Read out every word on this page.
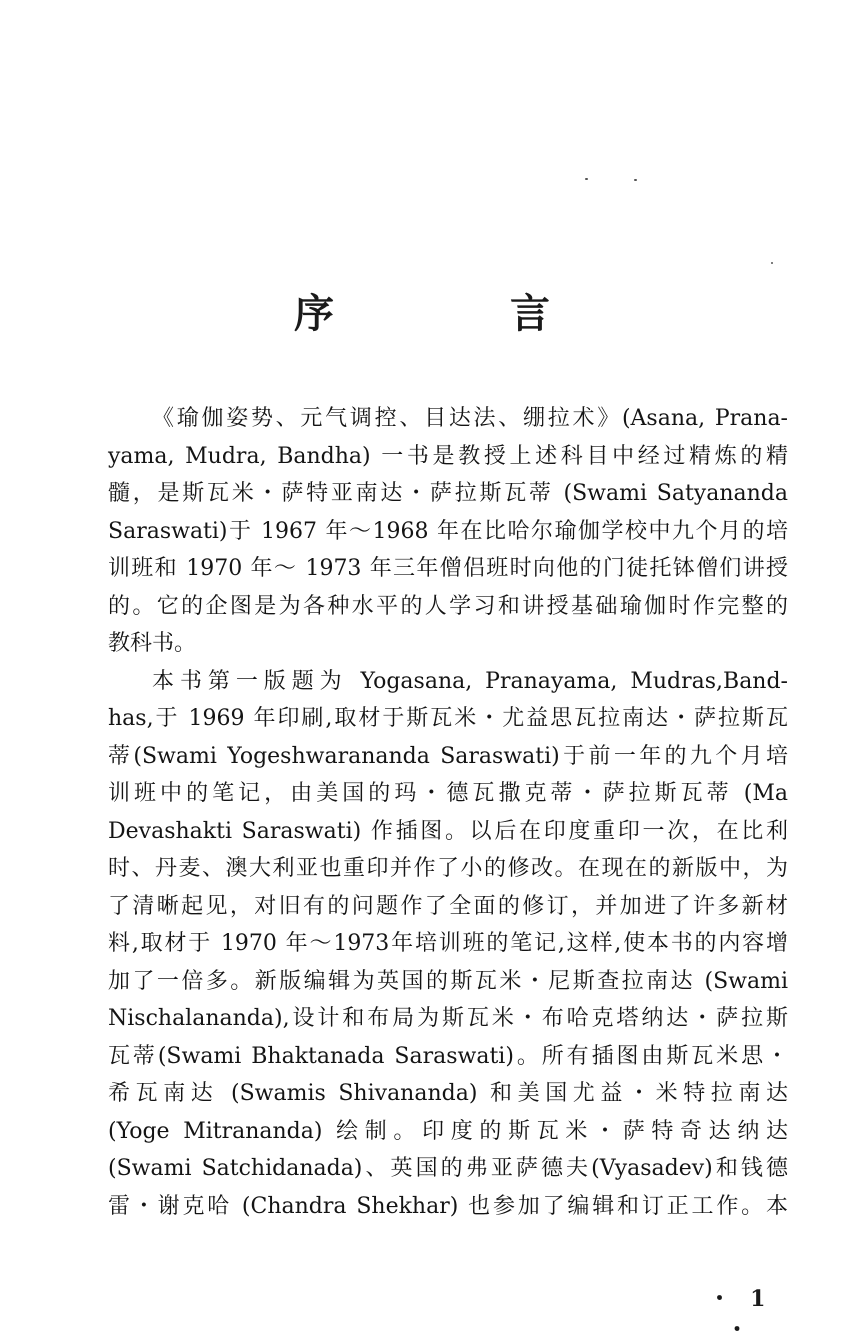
序　言
《瑜伽姿势、元气调控、目达法、绷拉术》(Asana, Prana-
yama, Mudra, Bandha) 一书是教授上述科目中经过精炼的精
髓，是斯瓦米・萨特亚南达・萨拉斯瓦蒂 (Swami Satyananda
Saraswati)于 1967 年～1968 年在比哈尔瑜伽学校中九个月的培
训班和 1970 年～ 1973 年三年僧侣班时向他的门徒托钵僧们讲授
的。它的企图是为各种水平的人学习和讲授基础瑜伽时作完整的
教科书。
本书第一版题为 Yogasana, Pranayama, Mudras,Band-
has,于 1969 年印刷,取材于斯瓦米・尤益思瓦拉南达・萨拉斯瓦
蒂(Swami Yogeshwarananda Saraswati)于前一年的九个月培
训班中的笔记，由美国的玛・德瓦撒克蒂・萨拉斯瓦蒂 (Ma
Devashakti Saraswati) 作插图。以后在印度重印一次，在比利
时、丹麦、澳大利亚也重印并作了小的修改。在现在的新版中，为
了清晰起见，对旧有的问题作了全面的修订，并加进了许多新材
料,取材于 1970 年～1973年培训班的笔记,这样,使本书的内容增
加了一倍多。新版编辑为英国的斯瓦米・尼斯查拉南达 (Swami
Nischalananda),设计和布局为斯瓦米・布哈克塔纳达・萨拉斯
瓦蒂(Swami Bhaktanada Saraswati)。所有插图由斯瓦米思・
希瓦南达 (Swamis Shivananda) 和美国尤益・米特拉南达
(Yoge Mitrananda) 绘制。印度的斯瓦米・萨特奇达纳达
(Swami Satchidanada)、英国的弗亚萨德夫(Vyasadev)和钱德
雷・谢克哈 (Chandra Shekhar) 也参加了编辑和订正工作。本
・ 1 ・
